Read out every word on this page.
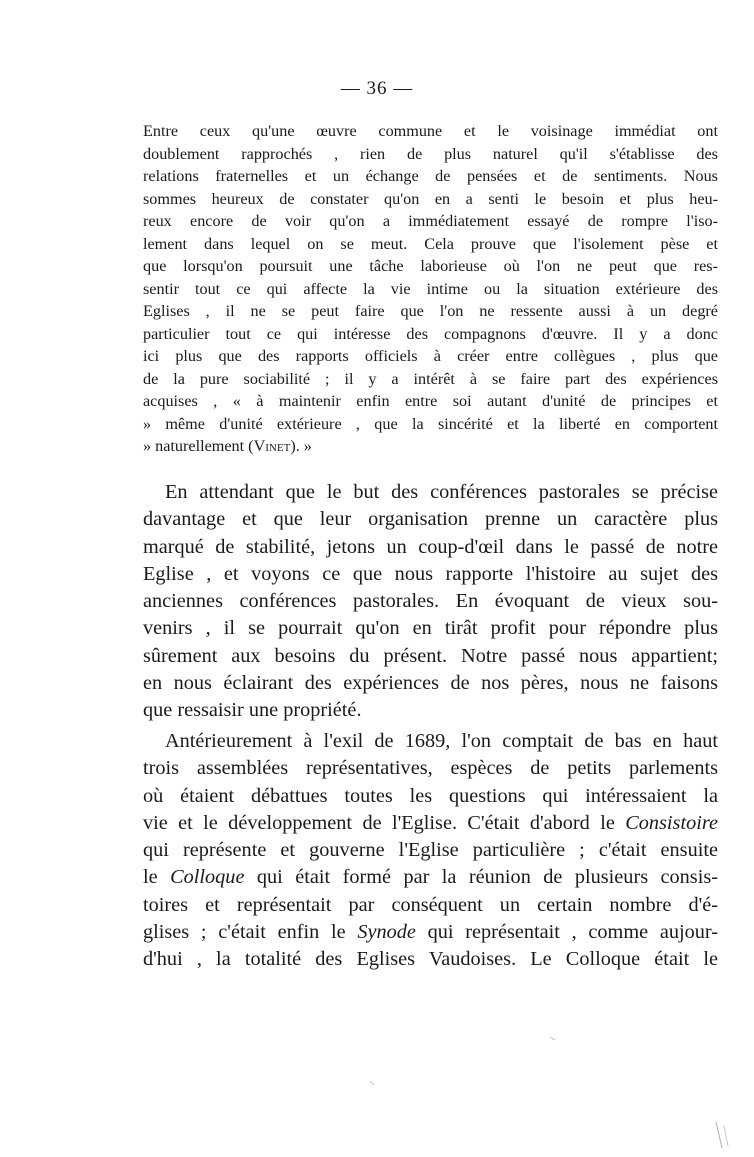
— 36 —
Entre ceux qu'une œuvre commune et le voisinage immédiat ont
doublement rapprochés , rien de plus naturel qu'il s'établisse des
relations fraternelles et un échange de pensées et de sentiments. Nous
sommes heureux de constater qu'on en a senti le besoin et plus heu-
reux encore de voir qu'on a immédiatement essayé de rompre l'iso-
lement dans lequel on se meut. Cela prouve que l'isolement pèse et
que lorsqu'on poursuit une tâche laborieuse où l'on ne peut que res-
sentir tout ce qui affecte la vie intime ou la situation extérieure des
Eglises , il ne se peut faire que l'on ne ressente aussi à un degré
particulier tout ce qui intéresse des compagnons d'œuvre. Il y a donc
ici plus que des rapports officiels à créer entre collègues , plus que
de la pure sociabilité ; il y a intérêt à se faire part des expériences
acquises , « à maintenir enfin entre soi autant d'unité de principes et
» même d'unité extérieure , que la sincérité et la liberté en comportent
» naturellement (Vinet). »
En attendant que le but des conférences pastorales se précise
davantage et que leur organisation prenne un caractère plus
marqué de stabilité, jetons un coup-d'œil dans le passé de notre
Eglise , et voyons ce que nous rapporte l'histoire au sujet des
anciennes conférences pastorales. En évoquant de vieux sou-
venirs , il se pourrait qu'on en tirât profit pour répondre plus
sûrement aux besoins du présent. Notre passé nous appartient;
en nous éclairant des expériences de nos pères, nous ne faisons
que ressaisir une propriété.
Antérieurement à l'exil de 1689, l'on comptait de bas en haut
trois assemblées représentatives, espèces de petits parlements
où étaient débattues toutes les questions qui intéressaient la
vie et le développement de l'Eglise. C'était d'abord le Consistoire
qui représente et gouverne l'Eglise particulière ; c'était ensuite
le Colloque qui était formé par la réunion de plusieurs consis-
toires et représentait par conséquent un certain nombre d'é-
glises ; c'était enfin le Synode qui représentait , comme aujour-
d'hui , la totalité des Eglises Vaudoises. Le Colloque était le
